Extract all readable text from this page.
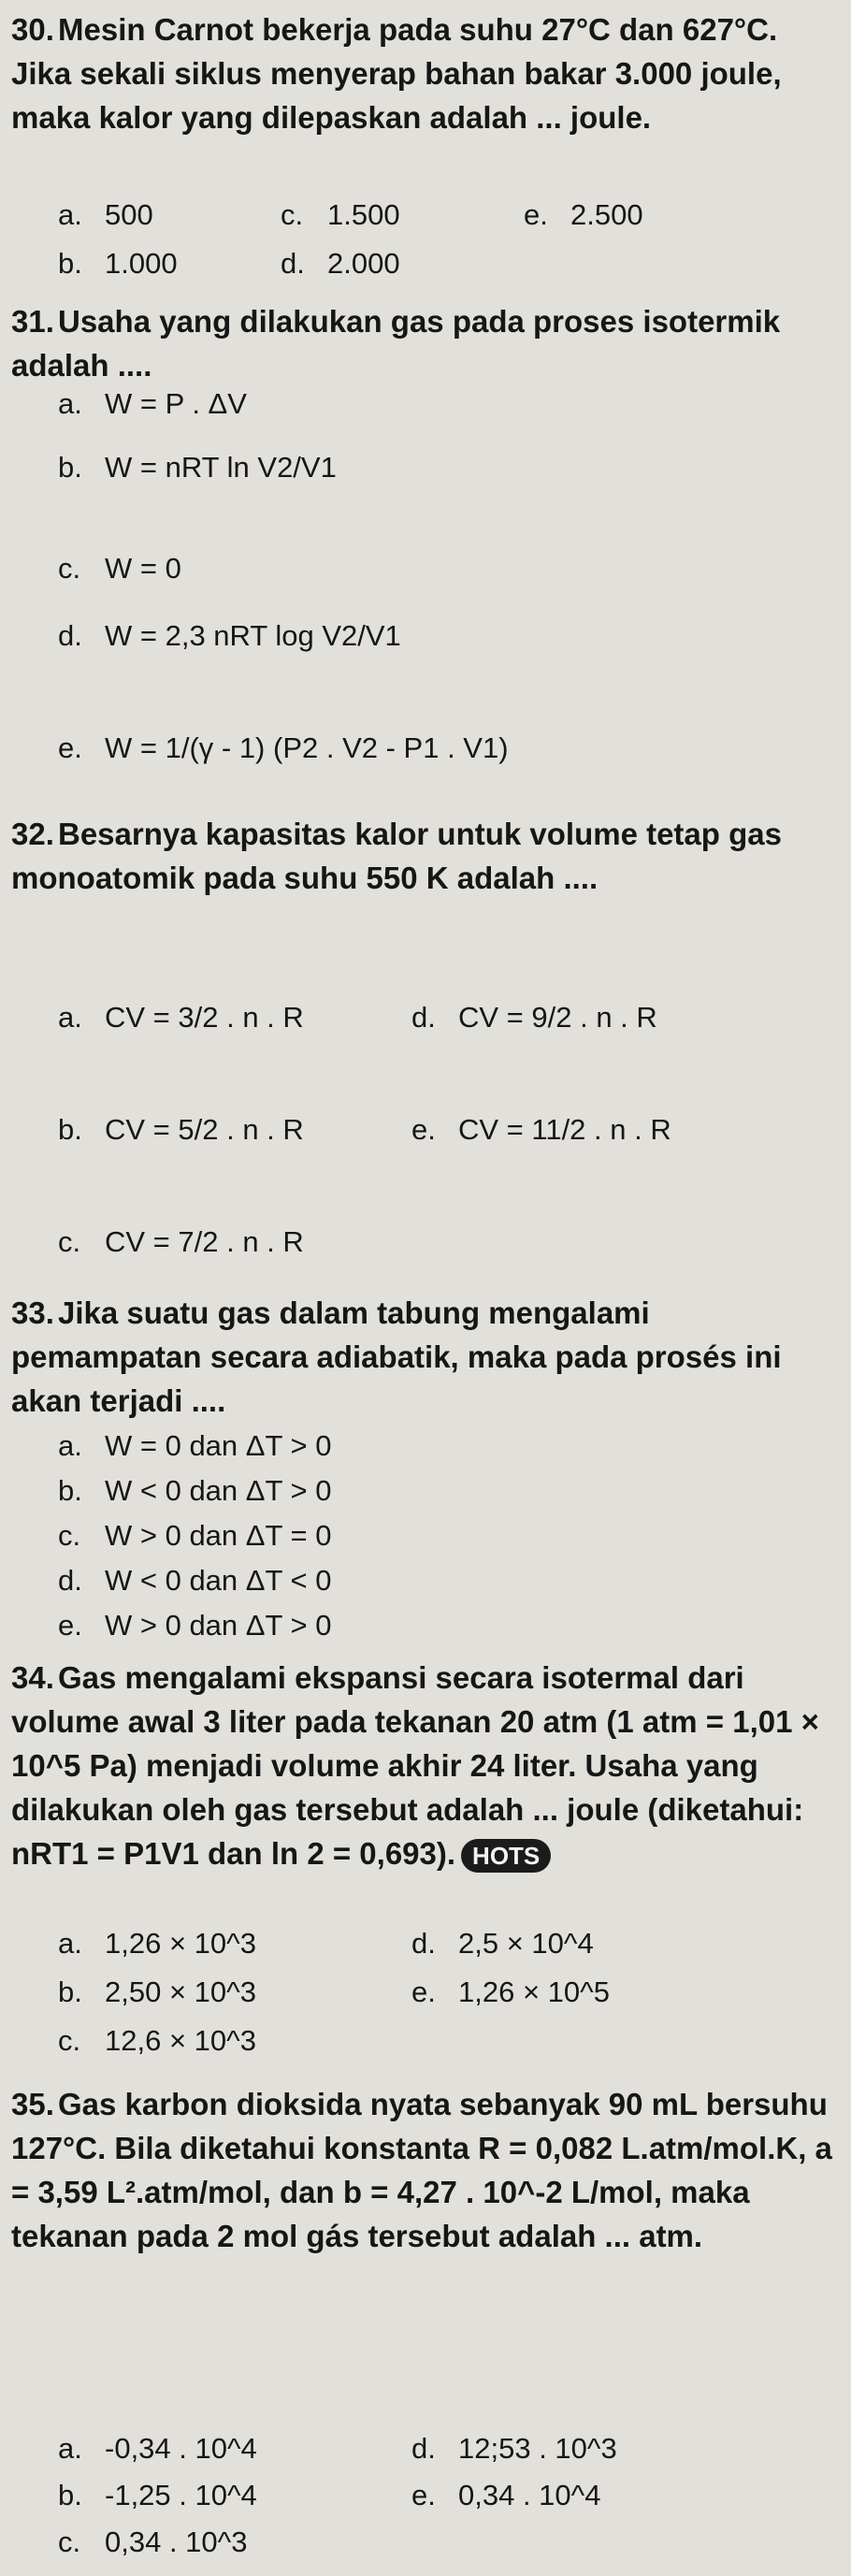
30. Mesin Carnot bekerja pada suhu 27°C dan 627°C. Jika sekali siklus menyerap bahan bakar 3.000 joule, maka kalor yang dilepaskan adalah ... joule.
a. 500	c. 1.500	e. 2.500
b. 1.000	d. 2.000
31. Usaha yang dilakukan gas pada proses isotermik adalah ....
a. W = P . ΔV
b. W = nRT ln V2/V1
c. W = 0
d. W = 2,3 nRT log V2/V1
e. W = 1/(γ - 1) (P2 . V2 - P1 . V1)
32. Besarnya kapasitas kalor untuk volume tetap gas monoatomik pada suhu 550 K adalah ....
a. CV = 3/2 . n . R	d. CV = 9/2 . n . R
b. CV = 5/2 . n . R	e. CV = 11/2 . n . R
c. CV = 7/2 . n . R
33. Jika suatu gas dalam tabung mengalami pemampatan secara adiabatik, maka pada prosés ini akan terjadi ....
a. W = 0 dan ΔT > 0
b. W < 0 dan ΔT > 0
c. W > 0 dan ΔT = 0
d. W < 0 dan ΔT < 0
e. W > 0 dan ΔT > 0
34. Gas mengalami ekspansi secara isotermal dari volume awal 3 liter pada tekanan 20 atm (1 atm = 1,01 × 10^5 Pa) menjadi volume akhir 24 liter. Usaha yang dilakukan oleh gas tersebut adalah ... joule (diketahui: nRT1 = P1V1 dan ln 2 = 0,693). HOTS
a. 1,26 × 10^3	d. 2,5 × 10^4
b. 2,50 × 10^3	e. 1,26 × 10^5
c. 12,6 × 10^3
35. Gas karbon dioksida nyata sebanyak 90 mL bersuhu 127°C. Bila diketahui konstanta R = 0,082 L.atm/mol.K, a = 3,59 L².atm/mol, dan b = 4,27 . 10^-2 L/mol, maka tekanan pada 2 mol gás tersebut adalah ... atm.
a. -0,34 . 10^4	d. 12;53 . 10^3
b. -1,25 . 10^4	e. 0,34 . 10^4
c. 0,34 . 10^3
